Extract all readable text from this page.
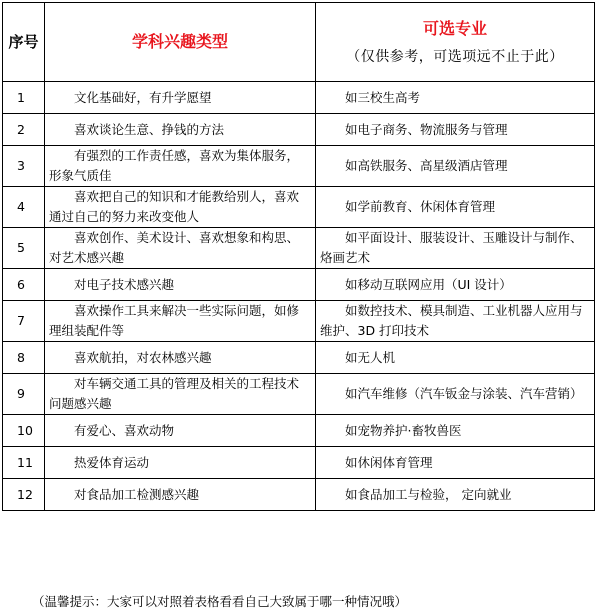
序号	学科兴趣类型	可选专业
（仅供参考，可选项远不止于此）

1	文化基础好，有升学愿望	如三校生高考
2	喜欢谈论生意、挣钱的方法	如电子商务、物流服务与管理
3	有强烈的工作责任感，喜欢为集体服务，形象气质佳	如高铁服务、高星级酒店管理
4	喜欢把自己的知识和才能教给别人，喜欢通过自己的努力来改变他人	如学前教育、休闲体育管理
5	喜欢创作、美术设计、喜欢想象和构思、对艺术感兴趣	如平面设计、服装设计、玉雕设计与制作、烙画艺术
6	对电子技术感兴趣	如移动互联网应用（UI 设计）
7	喜欢操作工具来解决一些实际问题，如修理组装配件等	如数控技术、模具制造、工业机器人应用与维护、3D 打印技术
8	喜欢航拍，对农林感兴趣	如无人机
9	对车辆交通工具的管理及相关的工程技术问题感兴趣	如汽车维修（汽车钣金与涂装、汽车营销）
10	有爱心、喜欢动物	如宠物养护·畜牧兽医
11	热爱体育运动	如休闲体育管理
12	对食品加工检测感兴趣	如食品加工与检验， 定向就业
（温馨提示：大家可以对照着表格看看自己大致属于哪一种情况哦）
